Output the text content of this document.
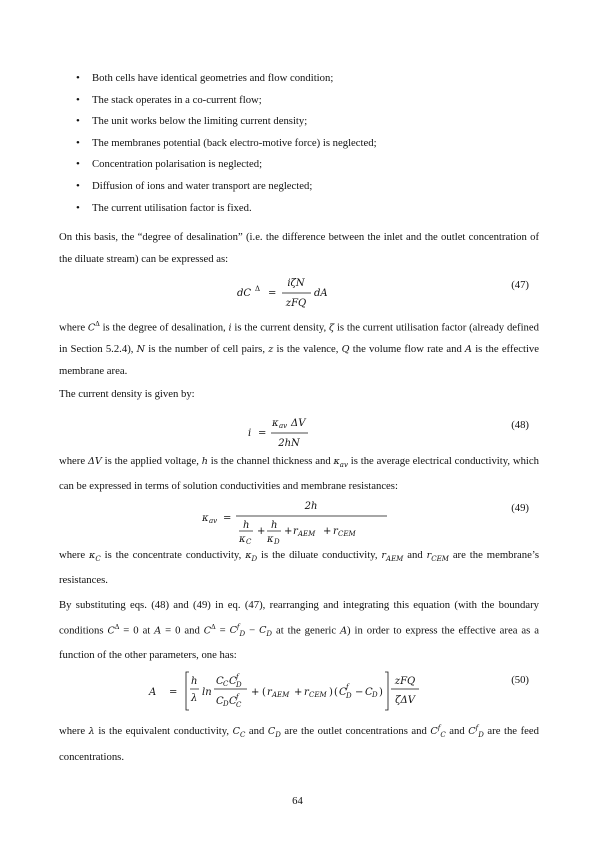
• Both cells have identical geometries and flow condition;
• The stack operates in a co-current flow;
• The unit works below the limiting current density;
• The membranes potential (back electro-motive force) is neglected;
• Concentration polarisation is neglected;
• Diffusion of ions and water transport are neglected;
• The current utilisation factor is fixed.

On this basis, the “degree of desalination” (i.e. the difference between the inlet and the outlet concentration of the diluate stream) can be expressed as:

dC Δ =
iζN
zFQ
dA
(47)

where $C^\Delta$ is the degree of desalination, i is the current density, ζ is the current utilisation factor (already defined in Section 5.2.4), N is the number of cell pairs, z is the valence, Q the volume flow rate and A is the effective membrane area.

The current density is given by:

i =
κ av ΔV
2hN
(48)

where ΔV is the applied voltage, h is the channel thickness and $\kappa_{av}$ is the average electrical conductivity, which can be expressed in terms of solution conductivities and membrane resistances:

κ av =
2h
h
κ C
+
h
κ D
+ r AEM + r CEM
(49)

where $\kappa_C$ is the concentrate conductivity, $\kappa_D$ is the diluate conductivity, $r_{AEM}$ and $r_{CEM}$ are the membrane’s resistances.

By substituting eqs. (48) and (49) in eq. (47), rearranging and integrating this equation (with the boundary conditions $C^\Delta = 0$ at A = 0 and $C^\Delta = C^f_D - C_D$ at the generic A) in order to express the effective area as a function of the other parameters, one has:

A =
h
λ
ln
C C C f
D
C D C f
C
+ ( r AEM + r CEM ) ( C f
D − C D )
zFQ
ζΔV
(50)

where λ is the equivalent conductivity, $C_C$ and $C_D$ are the outlet concentrations and $C^f_C$ and $C^f_D$ are the feed concentrations.

64
